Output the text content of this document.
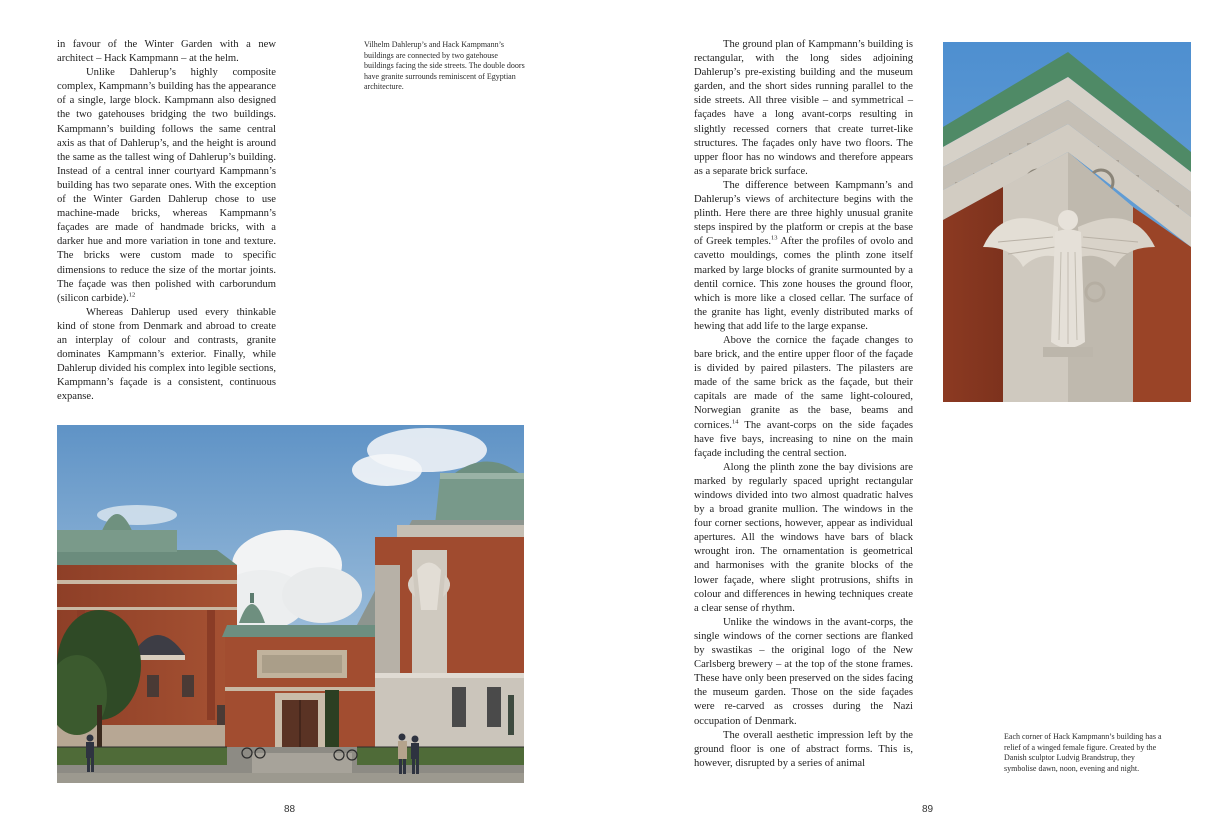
in favour of the Winter Garden with a new architect – Hack Kampmann – at the helm.

Unlike Dahlerup’s highly composite complex, Kampmann’s building has the appearance of a single, large block. Kampmann also designed the two gatehouses bridging the two buildings. Kampmann’s building follows the same central axis as that of Dahlerup’s, and the height is around the same as the tallest wing of Dahlerup’s building. Instead of a central inner courtyard Kampmann’s building has two separate ones. With the exception of the Winter Garden Dahlerup chose to use machine-made bricks, whereas Kampmann’s façades are made of handmade bricks, with a darker hue and more variation in tone and texture. The bricks were custom made to specific dimensions to reduce the size of the mortar joints. The façade was then polished with carborundum (silicon carbide).$^{12}$

Whereas Dahlerup used every thinkable kind of stone from Denmark and abroad to create an interplay of colour and contrasts, granite dominates Kampmann’s exterior. Finally, while Dahlerup divided his complex into legible sections, Kampmann’s façade is a consistent, continuous expanse.

Vilhelm Dahlerup’s and Hack Kampmann’s buildings are connected by two gatehouse buildings facing the side streets. The double doors have granite surrounds reminiscent of Egyptian architecture.
88

The ground plan of Kampmann’s building is rectangular, with the long sides adjoining Dahlerup’s pre-existing building and the museum garden, and the short sides running parallel to the side streets. All three visible – and symmetrical – façades have a long avant-corps resulting in slightly recessed corners that create turret-like structures. The façades only have two floors. The upper floor has no windows and therefore appears as a separate brick surface.

The difference between Kampmann’s and Dahlerup’s views of architecture begins with the plinth. Here there are three highly unusual granite steps inspired by the platform or crepis at the base of Greek temples.$^{13}$ After the profiles of ovolo and cavetto mouldings, comes the plinth zone itself marked by large blocks of granite surmounted by a dentil cornice. This zone houses the ground floor, which is more like a closed cellar. The surface of the granite has light, evenly distributed marks of hewing that add life to the large expanse.

Above the cornice the façade changes to bare brick, and the entire upper floor of the façade is divided by paired pilasters. The pilasters are made of the same brick as the façade, but their capitals are made of the same light-coloured, Norwegian granite as the base, beams and cornices.$^{14}$ The avant-corps on the side façades have five bays, increasing to nine on the main façade including the central section.

Along the plinth zone the bay divisions are marked by regularly spaced upright rectangular windows divided into two almost quadratic halves by a broad granite mullion. The windows in the four corner sections, however, appear as individual apertures. All the windows have bars of black wrought iron. The ornamentation is geometrical and harmonises with the granite blocks of the lower façade, where slight protrusions, shifts in colour and differences in hewing techniques create a clear sense of rhythm.

Unlike the windows in the avant-corps, the single windows of the corner sections are flanked by swastikas – the original logo of the New Carlsberg brewery – at the top of the stone frames. These have only been preserved on the sides facing the museum garden. Those on the side façades were re-carved as crosses during the Nazi occupation of Denmark.

The overall aesthetic impression left by the ground floor is one of abstract forms. This is, however, disrupted by a series of animal

Each corner of Hack Kampmann’s building has a relief of a winged female figure. Created by the Danish sculptor Ludvig Brandstrup, they symbolise dawn, noon, evening and night.
89
